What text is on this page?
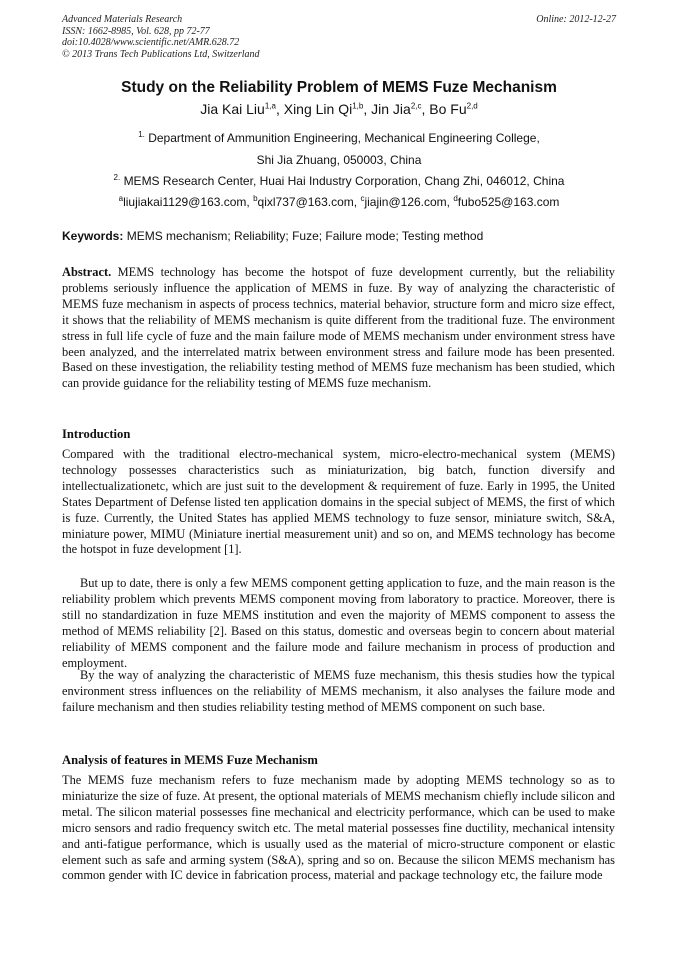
Advanced Materials Research
ISSN: 1662-8985, Vol. 628, pp 72-77
doi:10.4028/www.scientific.net/AMR.628.72
© 2013 Trans Tech Publications Ltd, Switzerland
Online: 2012-12-27
Study on the Reliability Problem of MEMS Fuze Mechanism
Jia Kai Liu$^{1,a}$, Xing Lin Qi$^{1,b}$, Jin Jia$^{2,c}$, Bo Fu$^{2,d}$
$^{1.}$ Department of Ammunition Engineering, Mechanical Engineering College,
Shi Jia Zhuang, 050003, China
$^{2.}$ MEMS Research Center, Huai Hai Industry Corporation, Chang Zhi, 046012, China
$^a$liujiakai1129@163.com, $^b$qixl737@163.com, $^c$jiajin@126.com, $^d$fubo525@163.com
Keywords: MEMS mechanism; Reliability; Fuze; Failure mode; Testing method
Abstract. MEMS technology has become the hotspot of fuze development currently, but the reliability problems seriously influence the application of MEMS in fuze. By way of analyzing the characteristic of MEMS fuze mechanism in aspects of process technics, material behavior, structure form and micro size effect, it shows that the reliability of MEMS mechanism is quite different from the traditional fuze. The environment stress in full life cycle of fuze and the main failure mode of MEMS mechanism under environment stress have been analyzed, and the interrelated matrix between environment stress and failure mode has been presented. Based on these investigation, the reliability testing method of MEMS fuze mechanism has been studied, which can provide guidance for the reliability testing of MEMS fuze mechanism.
Introduction
Compared with the traditional electro-mechanical system, micro-electro-mechanical system (MEMS) technology possesses characteristics such as miniaturization, big batch, function diversify and intellectualizationetc, which are just suit to the development & requirement of fuze. Early in 1995, the United States Department of Defense listed ten application domains in the special subject of MEMS, the first of which is fuze. Currently, the United States has applied MEMS technology to fuze sensor, miniature switch, S&A, miniature power, MIMU (Miniature inertial measurement unit) and so on, and MEMS technology has become the hotspot in fuze development [1].
But up to date, there is only a few MEMS component getting application to fuze, and the main reason is the reliability problem which prevents MEMS component moving from laboratory to practice. Moreover, there is still no standardization in fuze MEMS institution and even the majority of MEMS component to assess the method of MEMS reliability [2]. Based on this status, domestic and overseas begin to concern about material reliability of MEMS component and the failure mode and failure mechanism in process of production and employment.
By the way of analyzing the characteristic of MEMS fuze mechanism, this thesis studies how the typical environment stress influences on the reliability of MEMS mechanism, it also analyses the failure mode and failure mechanism and then studies reliability testing method of MEMS component on such base.
Analysis of features in MEMS Fuze Mechanism
The MEMS fuze mechanism refers to fuze mechanism made by adopting MEMS technology so as to miniaturize the size of fuze. At present, the optional materials of MEMS mechanism chiefly include silicon and metal. The silicon material possesses fine mechanical and electricity performance, which can be used to make micro sensors and radio frequency switch etc. The metal material possesses fine ductility, mechanical intensity and anti-fatigue performance, which is usually used as the material of micro-structure component or elastic element such as safe and arming system (S&A), spring and so on. Because the silicon MEMS mechanism has common gender with IC device in fabrication process, material and package technology etc, the failure mode
